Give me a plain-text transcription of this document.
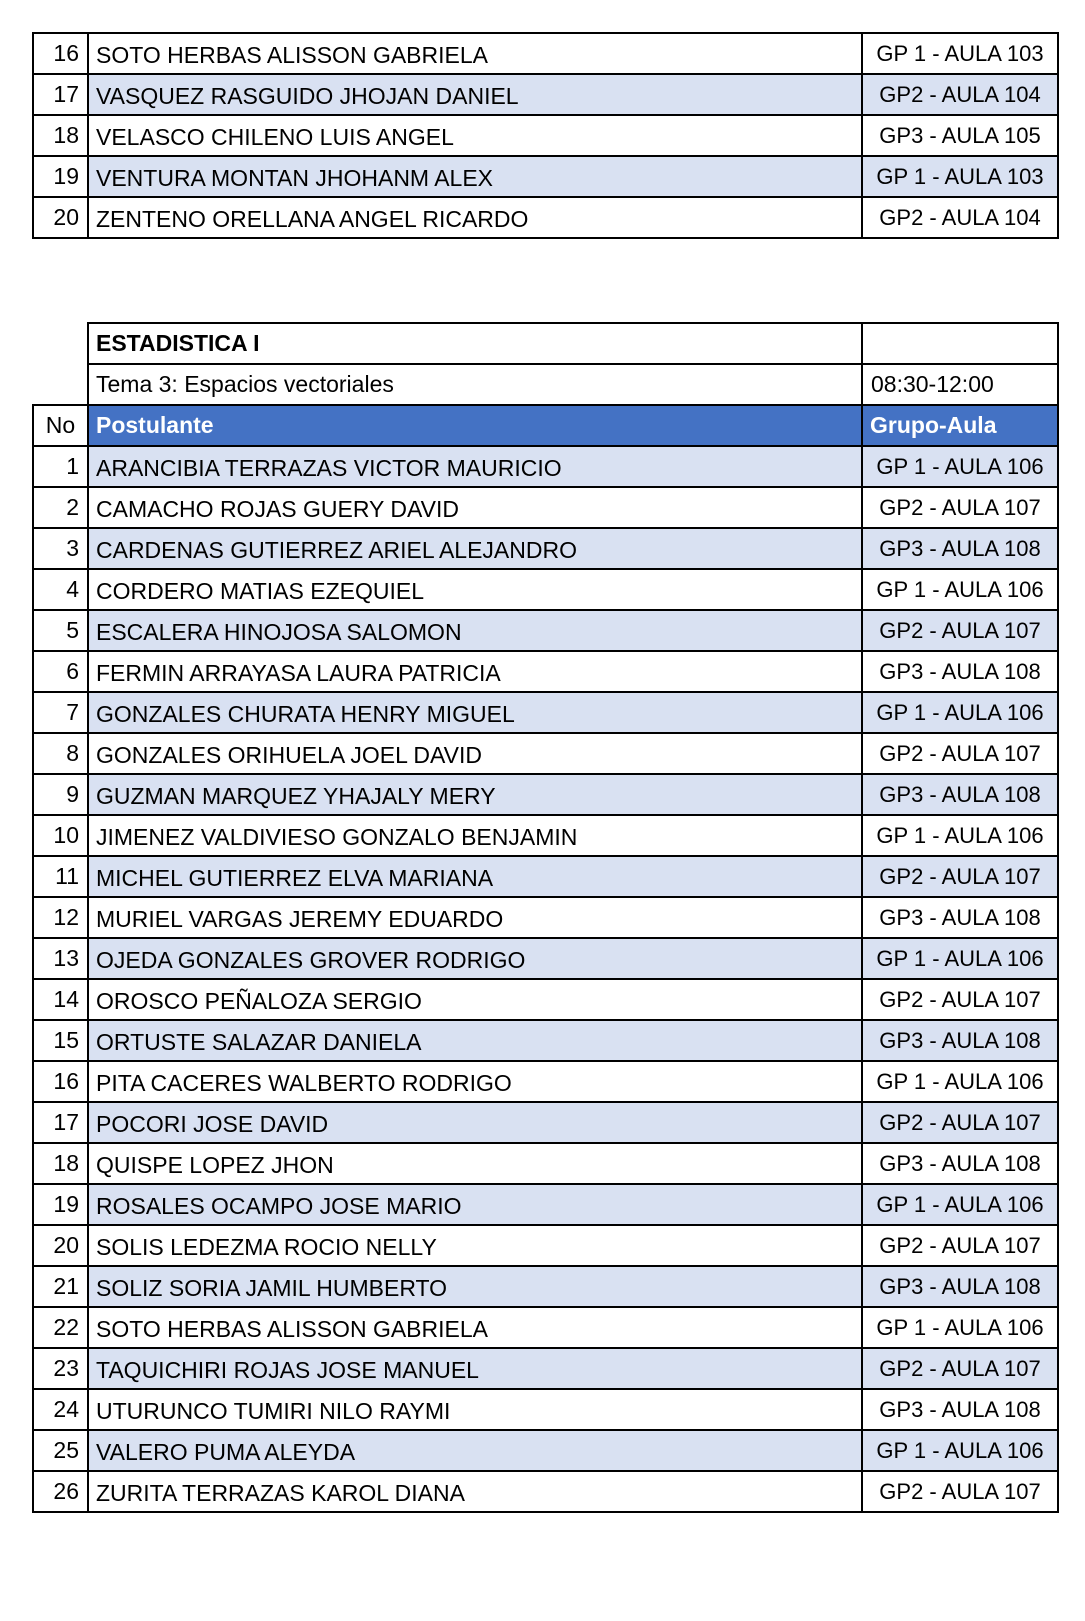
16	SOTO HERBAS ALISSON GABRIELA	GP 1 - AULA 103
17	VASQUEZ RASGUIDO JHOJAN DANIEL	GP2 - AULA 104
18	VELASCO CHILENO LUIS ANGEL	GP3 - AULA 105
19	VENTURA MONTAN JHOHANM ALEX	GP 1 - AULA 103
20	ZENTENO ORELLANA ANGEL RICARDO	GP2 - AULA 104
	ESTADISTICA I	
	Tema 3: Espacios vectoriales	08:30-12:00
No	Postulante	Grupo-Aula
1	ARANCIBIA TERRAZAS VICTOR MAURICIO	GP 1 - AULA 106
2	CAMACHO ROJAS GUERY DAVID	GP2 - AULA 107
3	CARDENAS GUTIERREZ ARIEL ALEJANDRO	GP3 - AULA 108
4	CORDERO MATIAS EZEQUIEL	GP 1 - AULA 106
5	ESCALERA HINOJOSA SALOMON	GP2 - AULA 107
6	FERMIN ARRAYASA LAURA PATRICIA	GP3 - AULA 108
7	GONZALES CHURATA HENRY MIGUEL	GP 1 - AULA 106
8	GONZALES ORIHUELA JOEL DAVID	GP2 - AULA 107
9	GUZMAN MARQUEZ YHAJALY MERY	GP3 - AULA 108
10	JIMENEZ VALDIVIESO GONZALO BENJAMIN	GP 1 - AULA 106
11	MICHEL GUTIERREZ ELVA MARIANA	GP2 - AULA 107
12	MURIEL VARGAS JEREMY EDUARDO	GP3 - AULA 108
13	OJEDA GONZALES GROVER RODRIGO	GP 1 - AULA 106
14	OROSCO PEÑALOZA SERGIO	GP2 - AULA 107
15	ORTUSTE SALAZAR DANIELA	GP3 - AULA 108
16	PITA CACERES WALBERTO RODRIGO	GP 1 - AULA 106
17	POCORI JOSE DAVID	GP2 - AULA 107
18	QUISPE LOPEZ JHON	GP3 - AULA 108
19	ROSALES OCAMPO JOSE MARIO	GP 1 - AULA 106
20	SOLIS LEDEZMA ROCIO NELLY	GP2 - AULA 107
21	SOLIZ SORIA JAMIL HUMBERTO	GP3 - AULA 108
22	SOTO HERBAS ALISSON GABRIELA	GP 1 - AULA 106
23	TAQUICHIRI ROJAS JOSE MANUEL	GP2 - AULA 107
24	UTURUNCO TUMIRI NILO RAYMI	GP3 - AULA 108
25	VALERO PUMA ALEYDA	GP 1 - AULA 106
26	ZURITA TERRAZAS KAROL DIANA	GP2 - AULA 107
